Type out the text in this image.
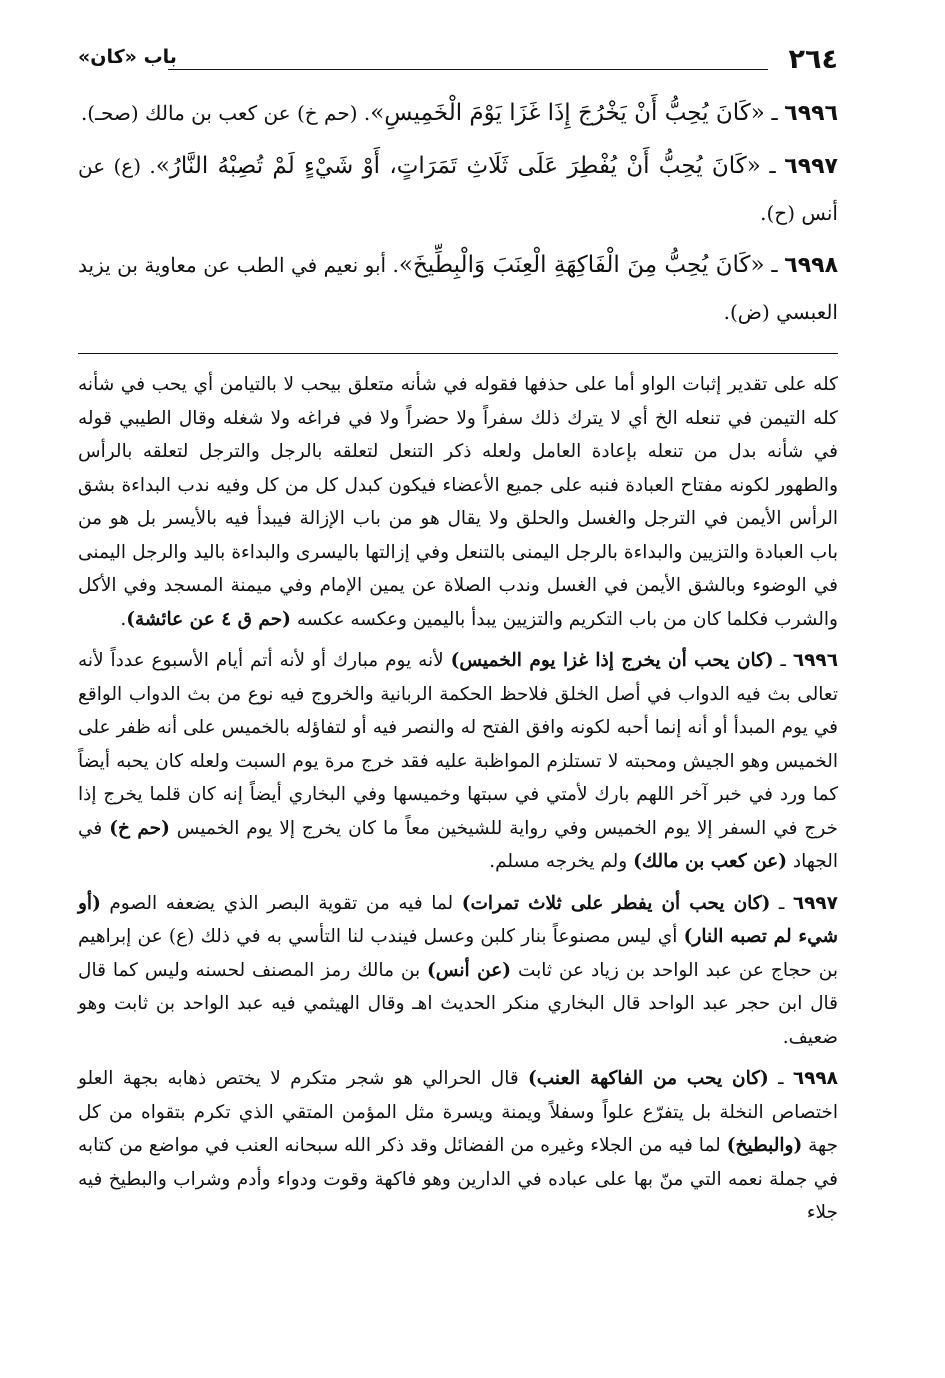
٢٦٤
باب «كان»

٦٩٩٦ ـ «كَانَ يُحِبُّ أَنْ يَخْرُجَ إِذَا غَزَا يَوْمَ الْخَمِيسِ». (حم خ) عن كعب بن مالك (صحـ).

٦٩٩٧ ـ «كَانَ يُحِبُّ أَنْ يُفْطِرَ عَلَى ثَلَاثِ تَمَرَاتٍ، أَوْ شَيْءٍ لَمْ تُصِبْهُ النَّارُ». (ع) عن أنس (ح).

٦٩٩٨ ـ «كَانَ يُحِبُّ مِنَ الْفَاكِهَةِ الْعِنَبَ وَالْبِطِّيخَ». أبو نعيم في الطب عن معاوية بن يزيد العبسي (ض).

كله على تقدير إثبات الواو أما على حذفها فقوله في شأنه متعلق بيحب لا بالتيامن أي يحب في شأنه كله التيمن في تنعله الخ أي لا يترك ذلك سفراً ولا حضراً ولا في فراغه ولا شغله وقال الطيبي قوله في شأنه بدل من تنعله بإعادة العامل ولعله ذكر التنعل لتعلقه بالرجل والترجل لتعلقه بالرأس والطهور لكونه مفتاح العبادة فنبه على جميع الأعضاء فيكون كبدل كل من كل وفيه ندب البداءة بشق الرأس الأيمن في الترجل والغسل والحلق ولا يقال هو من باب الإزالة فيبدأ فيه بالأيسر بل هو من باب العبادة والتزيين والبداءة بالرجل اليمنى بالتنعل وفي إزالتها باليسرى والبداءة باليد والرجل اليمنى في الوضوء وبالشق الأيمن في الغسل وندب الصلاة عن يمين الإمام وفي ميمنة المسجد وفي الأكل والشرب فكلما كان من باب التكريم والتزيين يبدأ باليمين وعكسه عكسه (حم ق ٤ عن عائشة).

٦٩٩٦ ـ (كان يحب أن يخرج إذا غزا يوم الخميس) لأنه يوم مبارك أو لأنه أتم أيام الأسبوع عدداً لأنه تعالى بث فيه الدواب في أصل الخلق فلاحظ الحكمة الربانية والخروج فيه نوع من بث الدواب الواقع في يوم المبدأ أو أنه إنما أحبه لكونه وافق الفتح له والنصر فيه أو لتفاؤله بالخميس على أنه ظفر على الخميس وهو الجيش ومحبته لا تستلزم المواظبة عليه فقد خرج مرة يوم السبت ولعله كان يحبه أيضاً كما ورد في خبر آخر اللهم بارك لأمتي في سبتها وخميسها وفي البخاري أيضاً إنه كان قلما يخرج إذا خرج في السفر إلا يوم الخميس وفي رواية للشيخين معاً ما كان يخرج إلا يوم الخميس (حم خ) في الجهاد (عن كعب بن مالك) ولم يخرجه مسلم.

٦٩٩٧ ـ (كان يحب أن يفطر على ثلاث تمرات) لما فيه من تقوية البصر الذي يضعفه الصوم (أو شيء لم تصبه النار) أي ليس مصنوعاً بنار كلبن وعسل فيندب لنا التأسي به في ذلك (ع) عن إبراهيم بن حجاج عن عبد الواحد بن زياد عن ثابت (عن أنس) بن مالك رمز المصنف لحسنه وليس كما قال قال ابن حجر عبد الواحد قال البخاري منكر الحديث اهـ وقال الهيثمي فيه عبد الواحد بن ثابت وهو ضعيف.

٦٩٩٨ ـ (كان يحب من الفاكهة العنب) قال الحرالي هو شجر متكرم لا يختص ذهابه بجهة العلو اختصاص النخلة بل يتفرّع علواً وسفلاً ويمنة ويسرة مثل المؤمن المتقي الذي تكرم بتقواه من كل جهة (والبطيخ) لما فيه من الجلاء وغيره من الفضائل وقد ذكر الله سبحانه العنب في مواضع من كتابه في جملة نعمه التي منّ بها على عباده في الدارين وهو فاكهة وقوت ودواء وأدم وشراب والبطيخ فيه جلاء
